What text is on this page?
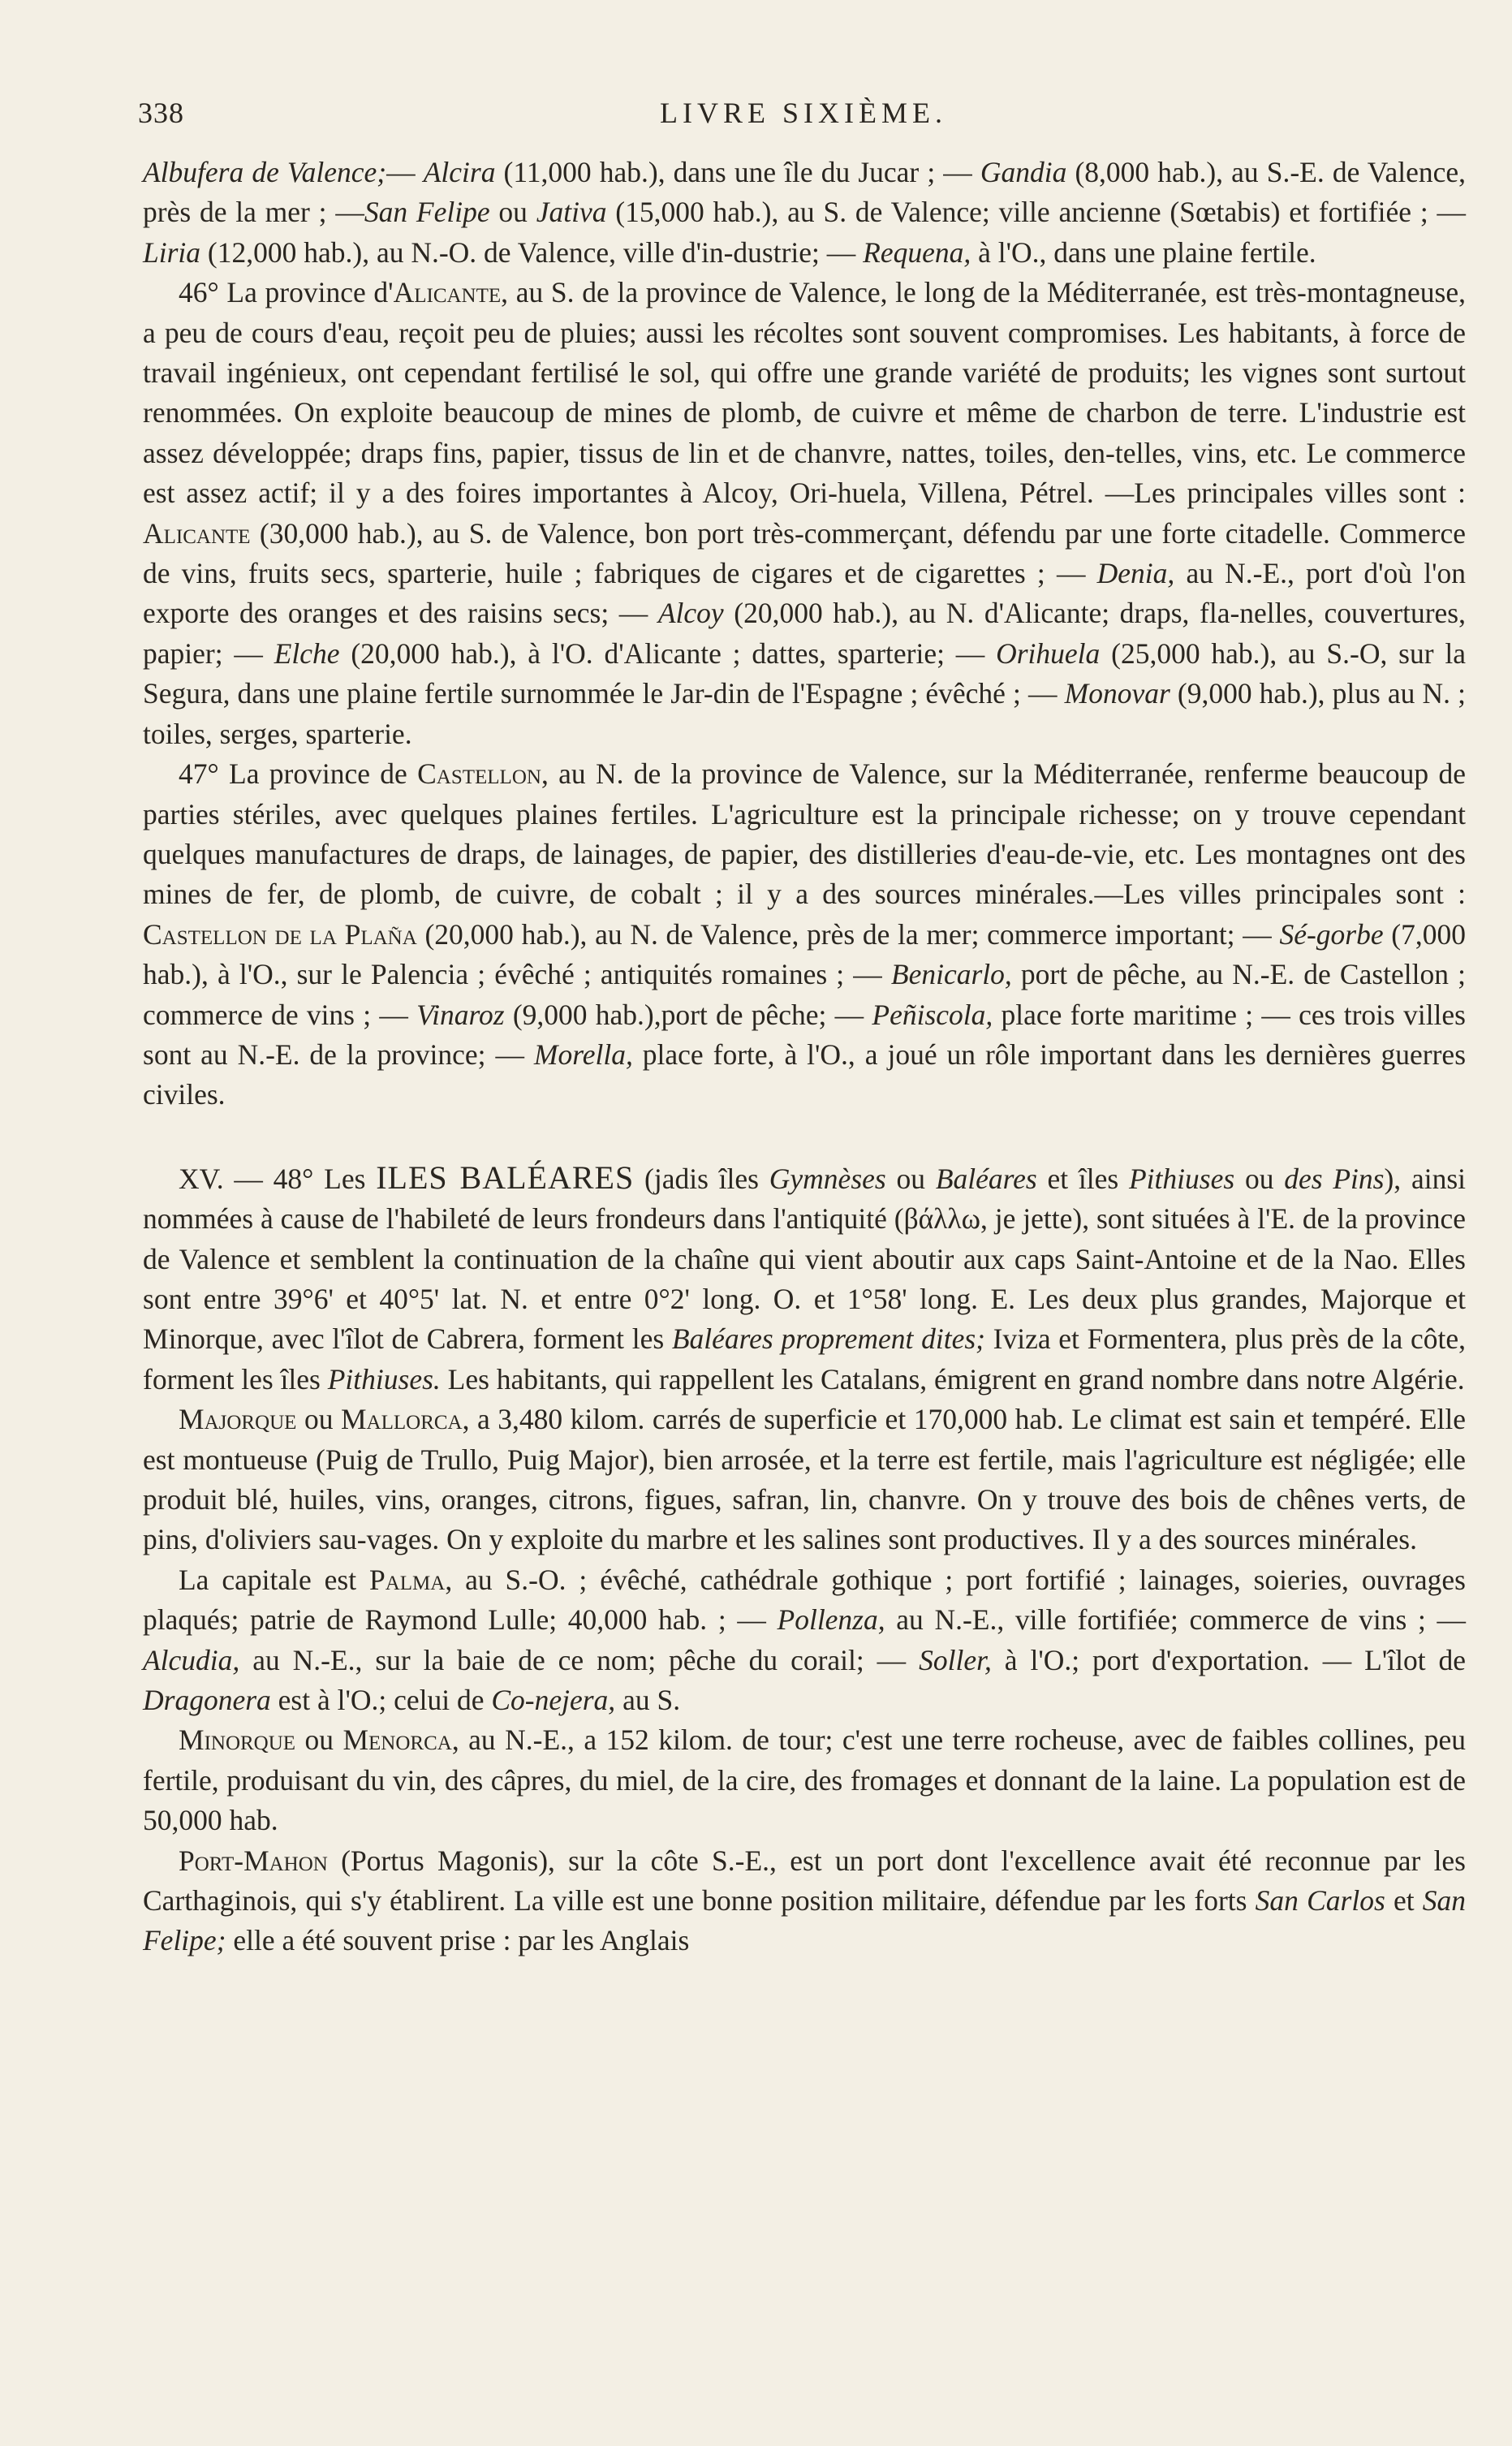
338	LIVRE SIXIÈME.

Albufera de Valence;— Alcira (11,000 hab.), dans une île du Jucar ; — Gandia (8,000 hab.), au S.-E. de Valence, près de la mer ; —San Felipe ou Jativa (15,000 hab.), au S. de Valence; ville ancienne (Sœtabis) et fortifiée ; — Liria (12,000 hab.), au N.-O. de Valence, ville d'in-dustrie; — Requena, à l'O., dans une plaine fertile.

46° La province d'Alicante, au S. de la province de Valence, le long de la Méditerranée, est très-montagneuse, a peu de cours d'eau, reçoit peu de pluies; aussi les récoltes sont souvent compromises. Les habitants, à force de travail ingénieux, ont cependant fertilisé le sol, qui offre une grande variété de produits; les vignes sont surtout renommées. On exploite beaucoup de mines de plomb, de cuivre et même de charbon de terre. L'industrie est assez développée; draps fins, papier, tissus de lin et de chanvre, nattes, toiles, den-telles, vins, etc. Le commerce est assez actif; il y a des foires importantes à Alcoy, Ori-huela, Villena, Pétrel. —Les principales villes sont : Alicante (30,000 hab.), au S. de Valence, bon port très-commerçant, défendu par une forte citadelle. Commerce de vins, fruits secs, sparterie, huile ; fabriques de cigares et de cigarettes ; — Denia, au N.-E., port d'où l'on exporte des oranges et des raisins secs; — Alcoy (20,000 hab.), au N. d'Alicante; draps, fla-nelles, couvertures, papier; — Elche (20,000 hab.), à l'O. d'Alicante ; dattes, sparterie; — Orihuela (25,000 hab.), au S.-O, sur la Segura, dans une plaine fertile surnommée le Jar-din de l'Espagne ; évêché ; — Monovar (9,000 hab.), plus au N. ; toiles, serges, sparterie.

47° La province de Castellon, au N. de la province de Valence, sur la Méditerranée, renferme beaucoup de parties stériles, avec quelques plaines fertiles. L'agriculture est la principale richesse; on y trouve cependant quelques manufactures de draps, de lainages, de papier, des distilleries d'eau-de-vie, etc. Les montagnes ont des mines de fer, de plomb, de cuivre, de cobalt ; il y a des sources minérales.—Les villes principales sont : Castellon de la Plaña (20,000 hab.), au N. de Valence, près de la mer; commerce important; — Sé-gorbe (7,000 hab.), à l'O., sur le Palencia ; évêché ; antiquités romaines ; — Benicarlo, port de pêche, au N.-E. de Castellon ; commerce de vins ; — Vinaroz (9,000 hab.),port de pêche; — Peñiscola, place forte maritime ; — ces trois villes sont au N.-E. de la province; — Morella, place forte, à l'O., a joué un rôle important dans les dernières guerres civiles.

XV. — 48° Les ILES BALÉARES (jadis îles Gymnèses ou Baléares et îles Pithiuses ou des Pins), ainsi nommées à cause de l'habileté de leurs frondeurs dans l'antiquité (βάλλω, je jette), sont situées à l'E. de la province de Valence et semblent la continuation de la chaîne qui vient aboutir aux caps Saint-Antoine et de la Nao. Elles sont entre 39°6' et 40°5' lat. N. et entre 0°2' long. O. et 1°58' long. E. Les deux plus grandes, Majorque et Minorque, avec l'îlot de Cabrera, forment les Baléares proprement dites; Iviza et Formentera, plus près de la côte, forment les îles Pithiuses. Les habitants, qui rappellent les Catalans, émigrent en grand nombre dans notre Algérie.

Majorque ou Mallorca, a 3,480 kilom. carrés de superficie et 170,000 hab. Le climat est sain et tempéré. Elle est montueuse (Puig de Trullo, Puig Major), bien arrosée, et la terre est fertile, mais l'agriculture est négligée; elle produit blé, huiles, vins, oranges, citrons, figues, safran, lin, chanvre. On y trouve des bois de chênes verts, de pins, d'oliviers sau-vages. On y exploite du marbre et les salines sont productives. Il y a des sources minérales.

La capitale est Palma, au S.-O. ; évêché, cathédrale gothique ; port fortifié ; lainages, soieries, ouvrages plaqués; patrie de Raymond Lulle; 40,000 hab. ; — Pollenza, au N.-E., ville fortifiée; commerce de vins ; — Alcudia, au N.-E., sur la baie de ce nom; pêche du corail; — Soller, à l'O.; port d'exportation. — L'îlot de Dragonera est à l'O.; celui de Co-nejera, au S.

Minorque ou Menorca, au N.-E., a 152 kilom. de tour; c'est une terre rocheuse, avec de faibles collines, peu fertile, produisant du vin, des câpres, du miel, de la cire, des fromages et donnant de la laine. La population est de 50,000 hab.

Port-Mahon (Portus Magonis), sur la côte S.-E., est un port dont l'excellence avait été reconnue par les Carthaginois, qui s'y établirent. La ville est une bonne position militaire, défendue par les forts San Carlos et San Felipe; elle a été souvent prise : par les Anglais
